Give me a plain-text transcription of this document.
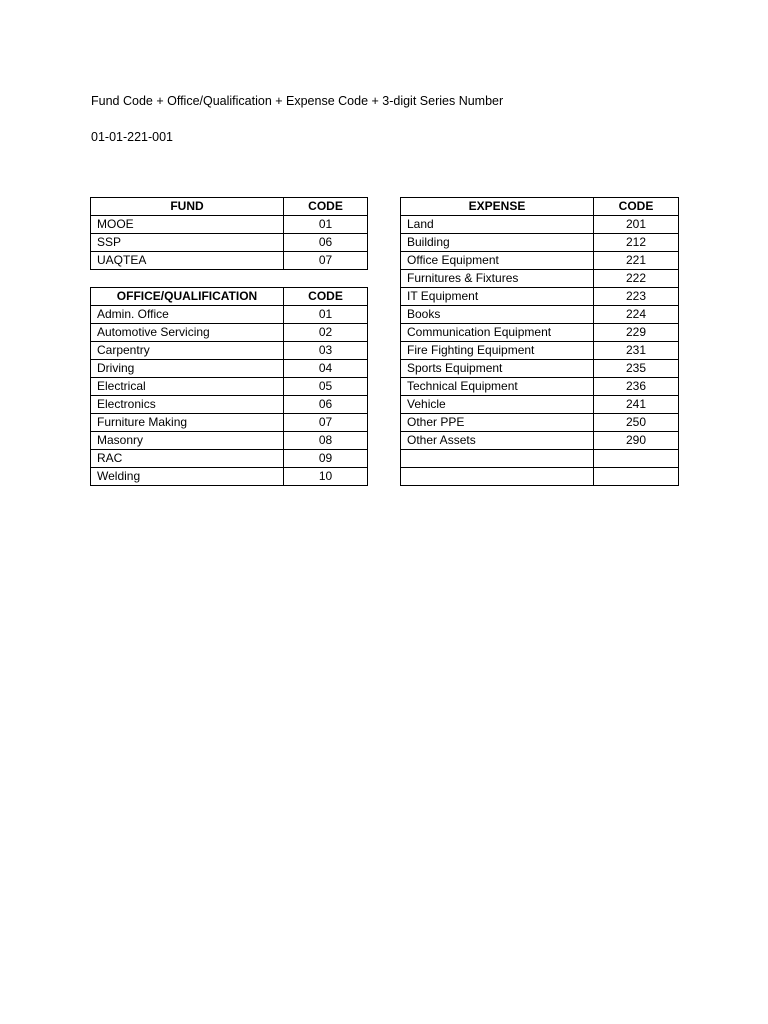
Fund Code + Office/Qualification + Expense Code + 3-digit Series Number
01-01-221-001
FUND	CODE
MOOE	01
SSP	06
UAQTEA	07
OFFICE/QUALIFICATION	CODE
Admin. Office	01
Automotive Servicing	02
Carpentry	03
Driving	04
Electrical	05
Electronics	06
Furniture Making	07
Masonry	08
RAC	09
Welding	10
EXPENSE	CODE
Land	201
Building	212
Office Equipment	221
Furnitures & Fixtures	222
IT Equipment	223
Books	224
Communication Equipment	229
Fire Fighting Equipment	231
Sports Equipment	235
Technical Equipment	236
Vehicle	241
Other PPE	250
Other Assets	290
